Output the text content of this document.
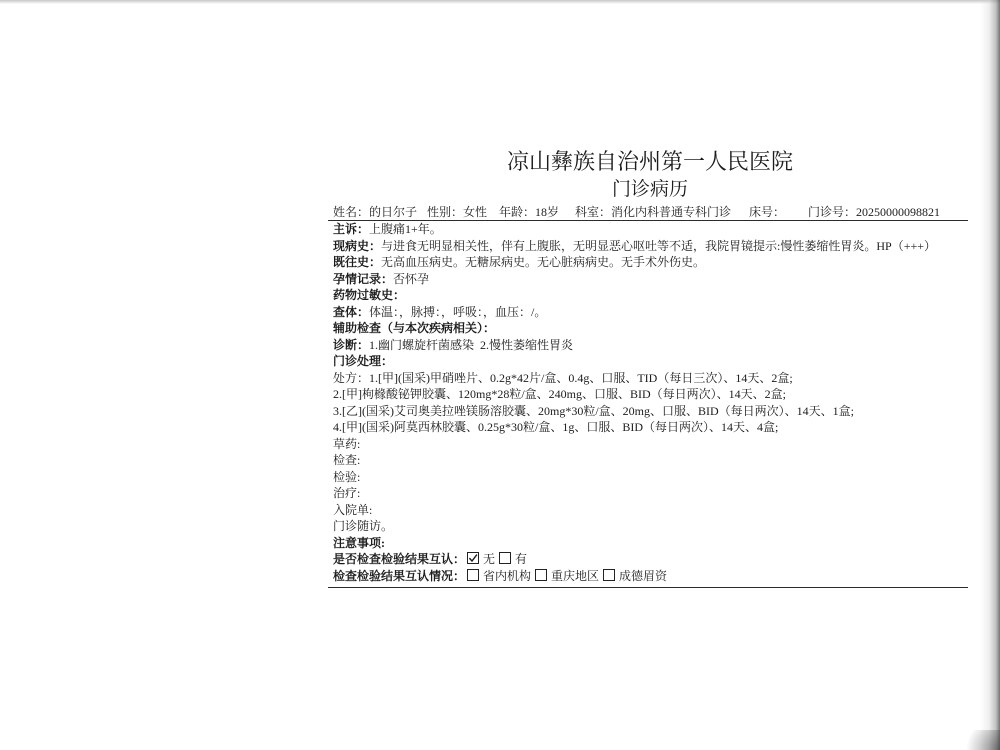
凉山彝族自治州第一人民医院
门诊病历
姓名：的日尔子 性别：女性 年龄：18岁 科室：消化内科普通专科门诊 床号： 门诊号：20250000098821
主诉：上腹痛1+年。
现病史：与进食无明显相关性，伴有上腹胀，无明显恶心呕吐等不适，我院胃镜提示:慢性萎缩性胃炎。HP（+++）
既往史：无高血压病史。无糖尿病史。无心脏病病史。无手术外伤史。
孕情记录：否怀孕
药物过敏史：
查体：体温：，脉搏：，呼吸：，血压：/。
辅助检查（与本次疾病相关）：
诊断：1.幽门螺旋杆菌感染 2.慢性萎缩性胃炎
门诊处理：
处方：1.[甲](国采)甲硝唑片、0.2g*42片/盒、0.4g、口服、TID（每日三次）、14天、2盒;
2.[甲]枸橼酸铋钾胶囊、120mg*28粒/盒、240mg、口服、BID（每日两次）、14天、2盒;
3.[乙](国采)艾司奥美拉唑镁肠溶胶囊、20mg*30粒/盒、20mg、口服、BID（每日两次）、14天、1盒;
4.[甲](国采)阿莫西林胶囊、0.25g*30粒/盒、1g、口服、BID（每日两次）、14天、4盒;
草药:
检查:
检验:
治疗:
入院单:
门诊随访。
注意事项:
是否检查检验结果互认： 无 有
检查检验结果互认情况： 省内机构 重庆地区 成德眉资
